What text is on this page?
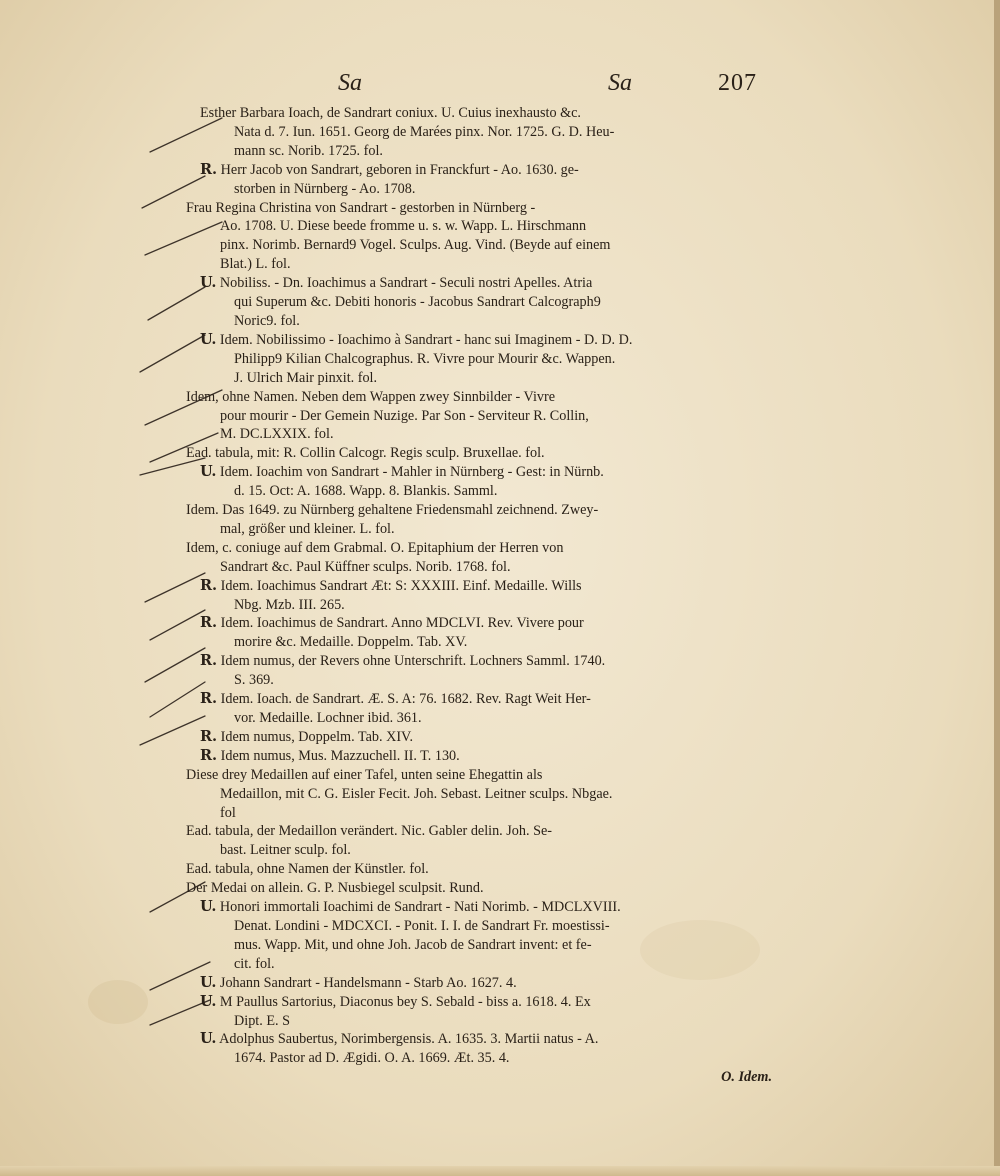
Sa	Sa	207
Esther Barbara Ioach, de Sandrart coniux. U. Cuius inexhausto &c.
Nata d. 7. Iun. 1651. Georg de Marées pinx. Nor. 1725. G. D. Heu-
mann sc. Norib. 1725. fol.
R. Herr Jacob von Sandrart, geboren in Franckfurt - Ao. 1630. ge-
storben in Nürnberg - Ao. 1708.
Frau Regina Christina von Sandrart - gestorben in Nürnberg -
Ao. 1708. U. Diese beede fromme u. s. w. Wapp. L. Hirschmann
pinx. Norimb. Bernard9 Vogel. Sculps. Aug. Vind. (Beyde auf einem
Blat.) L. fol.
U. Nobiliss. - Dn. Ioachimus a Sandrart - Seculi nostri Apelles. Atria
qui Superum &c. Debiti honoris - Jacobus Sandrart Calcograph9
Noric9. fol.
U. Idem. Nobilissimo - Ioachimo à Sandrart - hanc sui Imaginem - D. D. D.
Philipp9 Kilian Chalcographus. R. Vivre pour Mourir &c. Wappen.
J. Ulrich Mair pinxit. fol.
Idem, ohne Namen. Neben dem Wappen zwey Sinnbilder - Vivre
pour mourir - Der Gemein Nuzige. Par Son - Serviteur R. Collin,
M. DC.LXXIX. fol.
Ead. tabula, mit: R. Collin Calcogr. Regis sculp. Bruxellae. fol.
U. Idem. Ioachim von Sandrart - Mahler in Nürnberg - Gest: in Nürnb.
d. 15. Oct: A. 1688. Wapp. 8. Blankis. Samml.
Idem. Das 1649. zu Nürnberg gehaltene Friedensmahl zeichnend. Zwey-
mal, größer und kleiner. L. fol.
Idem, c. coniuge auf dem Grabmal. O. Epitaphium der Herren von
Sandrart &c. Paul Küffner sculps. Norib. 1768. fol.
R. Idem. Ioachimus Sandrart Æt: S: XXXIII. Einf. Medaille. Wills
Nbg. Mzb. III. 265.
R. Idem. Ioachimus de Sandrart. Anno MDCLVI. Rev. Vivere pour
morire &c. Medaille. Doppelm. Tab. XV.
R. Idem numus, der Revers ohne Unterschrift. Lochners Samml. 1740.
S. 369.
R. Idem. Ioach. de Sandrart. Æ. S. A: 76. 1682. Rev. Ragt Weit Her-
vor. Medaille. Lochner ibid. 361.
R. Idem numus, Doppelm. Tab. XIV.
R. Idem numus, Mus. Mazzuchell. II. T. 130.
Diese drey Medaillen auf einer Tafel, unten seine Ehegattin als
Medaillon, mit C. G. Eisler Fecit. Joh. Sebast. Leitner sculps. Nbgae.
fol
Ead. tabula, der Medaillon verändert. Nic. Gabler delin. Joh. Se-
bast. Leitner sculp. fol.
Ead. tabula, ohne Namen der Künstler. fol.
Der Medai on allein. G. P. Nusbiegel sculpsit. Rund.
U. Honori immortali Ioachimi de Sandrart - Nati Norimb. - MDCLXVIII.
Denat. Londini - MDCXCI. - Ponit. I. I. de Sandrart Fr. moestissi-
mus. Wapp. Mit, und ohne Joh. Jacob de Sandrart invent: et fe-
cit. fol.
U. Johann Sandrart - Handelsmann - Starb Ao. 1627. 4.
U. M Paullus Sartorius, Diaconus bey S. Sebald - biss a. 1618. 4. Ex
Dipt. E. S
U. Adolphus Saubertus, Norimbergensis. A. 1635. 3. Martii natus - A.
1674. Pastor ad D. Ægidi. O. A. 1669. Æt. 35. 4.
O. Idem.
